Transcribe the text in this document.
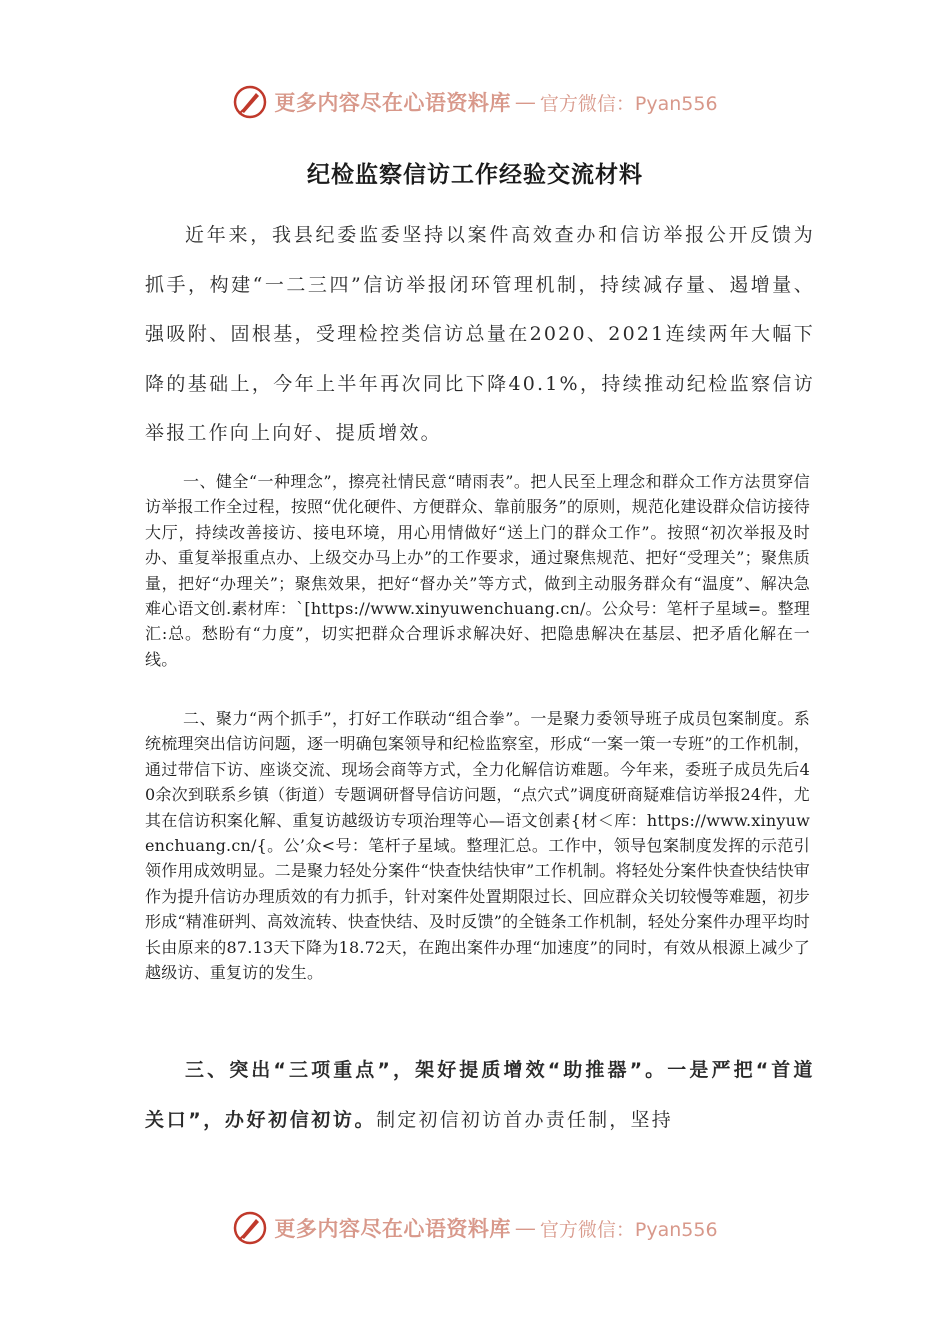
更多内容尽在心语资料库 — 官方微信：Pyan556
纪检监察信访工作经验交流材料
近年来，我县纪委监委坚持以案件高效查办和信访举报公开反馈为抓手，构建“一二三四”信访举报闭环管理机制，持续减存量、遏增量、强吸附、固根基，受理检控类信访总量在2020、2021连续两年大幅下降的基础上，今年上半年再次同比下降40.1%，持续推动纪检监察信访举报工作向上向好、提质增效。
一、健全“一种理念”，擦亮社情民意“晴雨表”。把人民至上理念和群众工作方法贯穿信访举报工作全过程，按照“优化硬件、方便群众、靠前服务”的原则，规范化建设群众信访接待大厅，持续改善接访、接电环境，用心用情做好“送上门的群众工作”。按照“初次举报及时办、重复举报重点办、上级交办马上办”的工作要求，通过聚焦规范、把好“受理关”；聚焦质量，把好“办理关”；聚焦效果，把好“督办关”等方式，做到主动服务群众有“温度”、解决急难心语文创.素材库：`[https://www.xinyuwenchuang.cn/。公众号：笔杆子星域=。整理汇:总。愁盼有“力度”，切实把群众合理诉求解决好、把隐患解决在基层、把矛盾化解在一线。
二、聚力“两个抓手”，打好工作联动“组合拳”。一是聚力委领导班子成员包案制度。系统梳理突出信访问题，逐一明确包案领导和纪检监察室，形成“一案一策一专班”的工作机制，通过带信下访、座谈交流、现场会商等方式，全力化解信访难题。今年来，委班子成员先后40余次到联系乡镇（街道）专题调研督导信访问题，“点穴式”调度研商疑难信访举报24件，尤其在信访积案化解、重复访越级访专项治理等心—语文创素{材＜库：https://www.xinyuwenchuang.cn/{。公’众<号：笔杆子星域。整理汇总。工作中，领导包案制度发挥的示范引领作用成效明显。二是聚力轻处分案件“快查快结快审”工作机制。将轻处分案件快查快结快审作为提升信访办理质效的有力抓手，针对案件处置期限过长、回应群众关切较慢等难题，初步形成“精准研判、高效流转、快查快结、及时反馈”的全链条工作机制，轻处分案件办理平均时长由原来的87.13天下降为18.72天，在跑出案件办理“加速度”的同时，有效从根源上减少了越级访、重复访的发生。
三、突出“三项重点”，架好提质增效“助推器”。一是严把“首道关口”，办好初信初访。制定初信初访首办责任制，坚持
更多内容尽在心语资料库 — 官方微信：Pyan556
